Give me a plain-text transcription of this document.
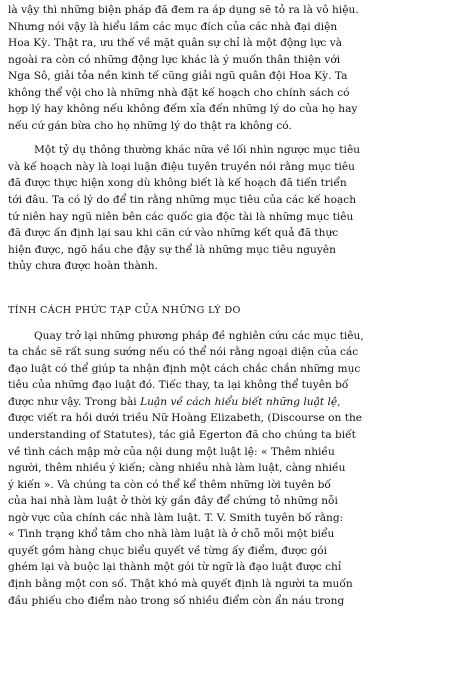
là vậy thì những biện pháp đã đem ra áp dụng sẽ tỏ ra là vô hiệu.
Nhưng nói vậy là hiểu lầm các mục đích của các nhà đại diện
Hoa Kỳ. Thật ra, ưu thế về mặt quân sự chỉ là một động lực và
ngoài ra còn có những động lực khác là ý muốn thân thiện với
Nga Sô, giải tỏa nền kinh tế cũng giải ngũ quân đội Hoa Kỳ. Ta
không thể vội cho là những nhà đặt kế hoạch cho chính sách có
hợp lý hay không nếu không đếm xỉa đến những lý do của họ hay
nếu cứ gán bừa cho họ những lý do thật ra không có.
Một tỷ dụ thông thường khác nữa về lối nhìn ngược mục tiêu
và kế hoạch này là loại luận điệu tuyên truyền nói rằng mục tiêu
đã được thực hiện xong dù không biết là kế hoạch đã tiến triển
tới đâu. Ta có lý do để tin rằng những mục tiêu của các kế hoạch
tứ niên hay ngũ niên bên các quốc gia độc tài là những mục tiêu
đã được ấn định lại sau khi căn cứ vào những kết quả đã thực
hiện được, ngõ hầu che đậy sự thể là những mục tiêu nguyên
thủy chưa được hoàn thành.
TÍNH CÁCH PHỨC TẠP CỦA NHỮNG LÝ DO
Quay trở lại những phương pháp đề nghiên cứu các mục tiêu,
ta chắc sẽ rất sung sướng nếu có thể nói rằng ngoại diện của các
đạo luật có thể giúp ta nhận định một cách chắc chắn những mục
tiêu của những đạo luật đó. Tiếc thay, ta lại không thể tuyên bố
được như vậy. Trong bài Luận về cách hiểu biết những luật lệ,
được viết ra hồi dưới triều Nữ Hoàng Elizabeth, (Discourse on the
understanding of Statutes), tác giả Egerton đã cho chúng ta biết
về tình cách mập mờ của nội dung một luật lệ: « Thêm nhiều
người, thêm nhiều ý kiến; càng nhiều nhà làm luật, càng nhiều
ý kiến ». Và chúng ta còn có thể kể thêm những lời tuyên bố
của hai nhà làm luật ở thời kỳ gần đây để chứng tỏ những nỗi
ngờ vực của chính các nhà làm luật. T. V. Smith tuyên bố rằng:
« Tình trạng khổ tâm cho nhà làm luật là ở chỗ mỗi một biểu
quyết gồm hàng chục biểu quyết về từng ấy điểm, được gói
ghém lại và buộc lại thành một gói từ ngữ là đạo luật được chỉ
định bằng một con số. Thật khó mà quyết định là người ta muốn
đầu phiếu cho điểm nào trong số nhiều điểm còn ẩn náu trong
